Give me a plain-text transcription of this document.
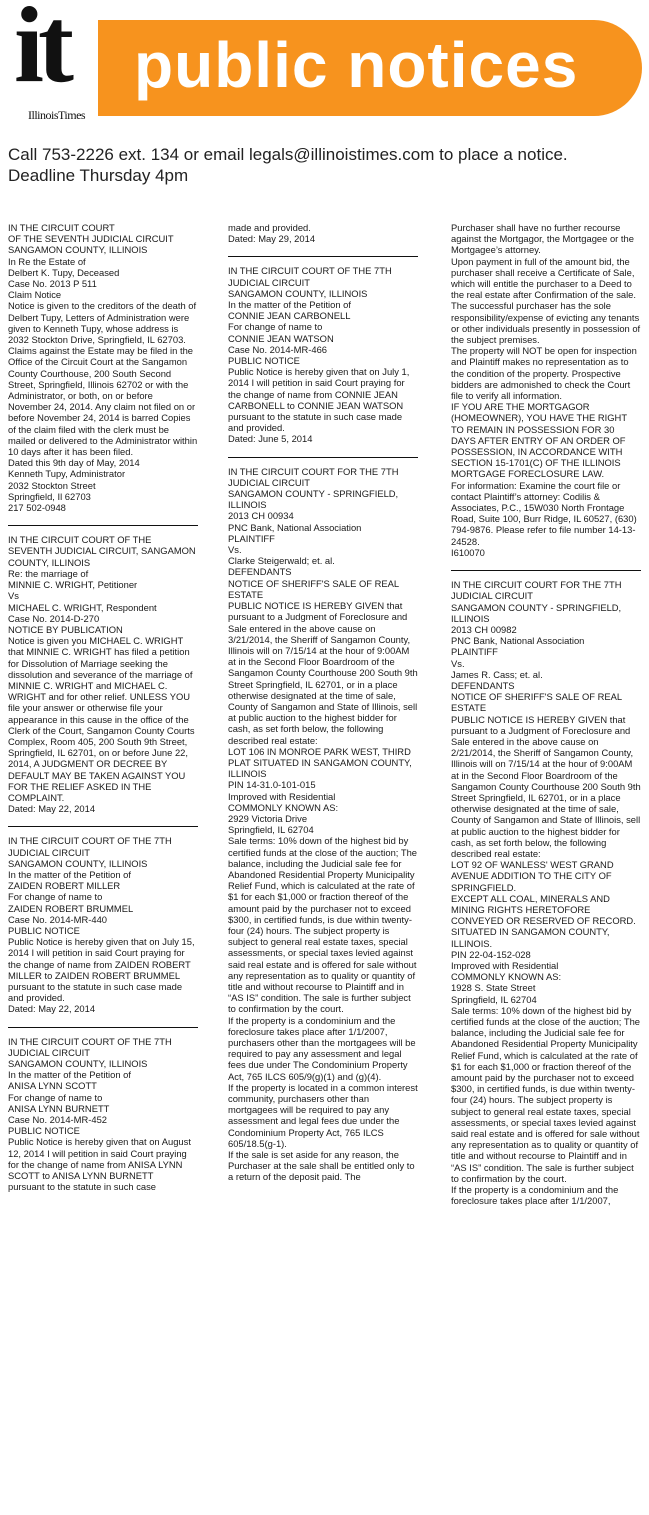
it
IllinoisTimes
public notices
Call 753-2226 ext. 134 or email legals@illinoistimes.com to place a notice.
Deadline Thursday 4pm

IN THE CIRCUIT COURT
OF THE SEVENTH JUDICIAL CIRCUIT
SANGAMON COUNTY, ILLINOIS
In Re the Estate of
Delbert K. Tupy, Deceased
Case No. 2013 P 511
Claim Notice
Notice is given to the creditors of the death of Delbert Tupy, Letters of Administration were given to Kenneth Tupy, whose address is 2032 Stockton Drive, Springfield, IL 62703. Claims against the Estate may be filed in the Office of the Circuit Court at the Sangamon County Courthouse, 200 South Second Street, Springfield, Illinois 62702 or with the Administrator, or both, on or before November 24, 2014. Any claim not filed on or before November 24, 2014 is barred Copies of the claim filed with the clerk must be mailed or delivered to the Administrator within 10 days after it has been filed.
Dated this 9th day of May, 2014
Kenneth Tupy, Administrator
2032 Stockton Street
Springfield, Il 62703
217 502-0948

IN THE CIRCUIT COURT OF THE SEVENTH JUDICIAL CIRCUIT, SANGAMON COUNTY, ILLINOIS
Re: the marriage of
MINNIE C. WRIGHT, Petitioner
Vs
MICHAEL C. WRIGHT, Respondent
Case No. 2014-D-270
NOTICE BY PUBLICATION
Notice is given you MICHAEL C. WRIGHT that MINNIE C. WRIGHT has filed a petition for Dissolution of Marriage seeking the dissolution and severance of the marriage of MINNIE C. WRIGHT and MICHAEL C. WRIGHT and for other relief. UNLESS YOU file your answer or otherwise file your appearance in this cause in the office of the Clerk of the Court, Sangamon County Courts Complex, Room 405, 200 South 9th Street, Springfield, IL 62701, on or before June 22, 2014, A JUDGMENT OR DECREE BY DEFAULT MAY BE TAKEN AGAINST YOU FOR THE RELIEF ASKED IN THE COMPLAINT.
Dated: May 22, 2014

IN THE CIRCUIT COURT OF THE 7TH JUDICIAL CIRCUIT
SANGAMON COUNTY, ILLINOIS
In the matter of the Petition of
ZAIDEN ROBERT MILLER
For change of name to
ZAIDEN ROBERT BRUMMEL
Case No. 2014-MR-440
PUBLIC NOTICE
Public Notice is hereby given that on July 15, 2014 I will petition in said Court praying for the change of name from ZAIDEN ROBERT MILLER to ZAIDEN ROBERT BRUMMEL
pursuant to the statute in such case made and provided.
Dated: May 22, 2014

IN THE CIRCUIT COURT OF THE 7TH JUDICIAL CIRCUIT
SANGAMON COUNTY, ILLINOIS
In the matter of the Petition of
ANISA LYNN SCOTT
For change of name to
ANISA LYNN BURNETT
Case No. 2014-MR-452
PUBLIC NOTICE
Public Notice is hereby given that on August 12, 2014 I will petition in said Court praying for the change of name from ANISA LYNN SCOTT to ANISA LYNN BURNETT
pursuant to the statute in such case

made and provided.
Dated: May 29, 2014

IN THE CIRCUIT COURT OF THE 7TH JUDICIAL CIRCUIT
SANGAMON COUNTY, ILLINOIS
In the matter of the Petition of
CONNIE JEAN CARBONELL
For change of name to
CONNIE JEAN WATSON
Case No. 2014-MR-466
PUBLIC NOTICE
Public Notice is hereby given that on July 1, 2014 I will petition in said Court praying for the change of name from CONNIE JEAN CARBONELL to CONNIE JEAN WATSON
pursuant to the statute in such case made and provided.
Dated: June 5, 2014

IN THE CIRCUIT COURT FOR THE 7TH JUDICIAL CIRCUIT
SANGAMON COUNTY - SPRINGFIELD, ILLINOIS
2013 CH 00934
PNC Bank, National Association
PLAINTIFF
Vs.
Clarke Steigerwald; et. al.
DEFENDANTS
NOTICE OF SHERIFF'S SALE OF REAL ESTATE
PUBLIC NOTICE IS HEREBY GIVEN that pursuant to a Judgment of Foreclosure and Sale entered in the above cause on 3/21/2014, the Sheriff of Sangamon County, Illinois will on 7/15/14 at the hour of 9:00AM at in the Second Floor Boardroom of the Sangamon County Courthouse 200 South 9th Street Springfield, IL 62701, or in a place otherwise designated at the time of sale, County of Sangamon and State of Illinois, sell at public auction to the highest bidder for cash, as set forth below, the following described real estate:
LOT 106 IN MONROE PARK WEST, THIRD PLAT SITUATED IN SANGAMON COUNTY, ILLINOIS
PIN 14-31.0-101-015
Improved with Residential
COMMONLY KNOWN AS:
2929 Victoria Drive
Springfield, IL 62704
Sale terms: 10% down of the highest bid by certified funds at the close of the auction; The balance, including the Judicial sale fee for Abandoned Residential Property Municipality Relief Fund, which is calculated at the rate of $1 for each $1,000 or fraction thereof of the amount paid by the purchaser not to exceed $300, in certified funds, is due within twenty-four (24) hours. The subject property is subject to general real estate taxes, special assessments, or special taxes levied against said real estate and is offered for sale without any representation as to quality or quantity of title and without recourse to Plaintiff and in “AS IS” condition. The sale is further subject to confirmation by the court.
If the property is a condominium and the foreclosure takes place after 1/1/2007, purchasers other than the mortgagees will be required to pay any assessment and legal fees due under The Condominium Property Act, 765 ILCS 605/9(g)(1) and (g)(4).
If the property is located in a common interest community, purchasers other than mortgagees will be required to pay any assessment and legal fees due under the Condominium Property Act, 765 ILCS 605/18.5(g-1).
If the sale is set aside for any reason, the Purchaser at the sale shall be entitled only to a return of the deposit paid. The

Purchaser shall have no further recourse against the Mortgagor, the Mortgagee or the Mortgagee’s attorney.
Upon payment in full of the amount bid, the purchaser shall receive a Certificate of Sale, which will entitle the purchaser to a Deed to the real estate after Confirmation of the sale. The successful purchaser has the sole responsibility/expense of evicting any tenants or other individuals presently in possession of the subject premises.
The property will NOT be open for inspection and Plaintiff makes no representation as to the condition of the property. Prospective bidders are admonished to check the Court file to verify all information.
IF YOU ARE THE MORTGAGOR (HOMEOWNER), YOU HAVE THE RIGHT TO REMAIN IN POSSESSION FOR 30 DAYS AFTER ENTRY OF AN ORDER OF POSSESSION, IN ACCORDANCE WITH SECTION 15-1701(C) OF THE ILLINOIS MORTGAGE FORECLOSURE LAW.
For information: Examine the court file or contact Plaintiff’s attorney: Codilis & Associates, P.C., 15W030 North Frontage Road, Suite 100, Burr Ridge, IL 60527, (630) 794-9876. Please refer to file number 14-13-24528.
I610070

IN THE CIRCUIT COURT FOR THE 7TH JUDICIAL CIRCUIT
SANGAMON COUNTY - SPRINGFIELD, ILLINOIS
2013 CH 00982
PNC Bank, National Association
PLAINTIFF
Vs.
James R. Cass; et. al.
DEFENDANTS
NOTICE OF SHERIFF'S SALE OF REAL ESTATE
PUBLIC NOTICE IS HEREBY GIVEN that pursuant to a Judgment of Foreclosure and Sale entered in the above cause on 2/21/2014, the Sheriff of Sangamon County, Illinois will on 7/15/14 at the hour of 9:00AM at in the Second Floor Boardroom of the Sangamon County Courthouse 200 South 9th Street Springfield, IL 62701, or in a place otherwise designated at the time of sale, County of Sangamon and State of Illinois, sell at public auction to the highest bidder for cash, as set forth below, the following described real estate:
LOT 92 OF WANLESS' WEST GRAND AVENUE ADDITION TO THE CITY OF SPRINGFIELD.
EXCEPT ALL COAL, MINERALS AND MINING RIGHTS HERETOFORE CONVEYED OR RESERVED OF RECORD.
SITUATED IN SANGAMON COUNTY, ILLINOIS.
PIN 22-04-152-028
Improved with Residential
COMMONLY KNOWN AS:
1928 S. State Street
Springfield, IL 62704
Sale terms: 10% down of the highest bid by certified funds at the close of the auction; The balance, including the Judicial sale fee for Abandoned Residential Property Municipality Relief Fund, which is calculated at the rate of $1 for each $1,000 or fraction thereof of the amount paid by the purchaser not to exceed $300, in certified funds, is due within twenty-four (24) hours. The subject property is subject to general real estate taxes, special assessments, or special taxes levied against said real estate and is offered for sale without any representation as to quality or quantity of title and without recourse to Plaintiff and in “AS IS” condition. The sale is further subject to confirmation by the court.
If the property is a condominium and the foreclosure takes place after 1/1/2007,
